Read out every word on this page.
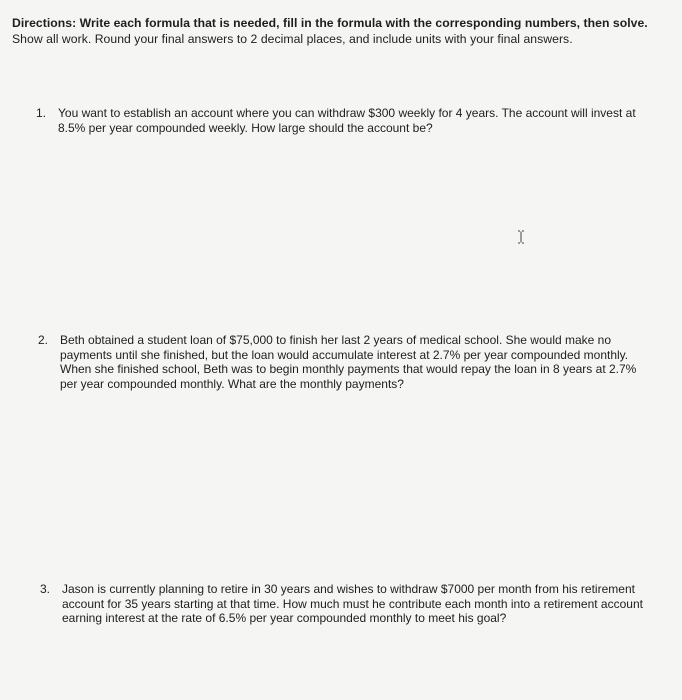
Directions: Write each formula that is needed, fill in the formula with the corresponding numbers, then solve. Show all work. Round your final answers to 2 decimal places, and include units with your final answers.
1. You want to establish an account where you can withdraw $300 weekly for 4 years. The account will invest at 8.5% per year compounded weekly. How large should the account be?
2. Beth obtained a student loan of $75,000 to finish her last 2 years of medical school. She would make no payments until she finished, but the loan would accumulate interest at 2.7% per year compounded monthly. When she finished school, Beth was to begin monthly payments that would repay the loan in 8 years at 2.7% per year compounded monthly. What are the monthly payments?
3. Jason is currently planning to retire in 30 years and wishes to withdraw $7000 per month from his retirement account for 35 years starting at that time. How much must he contribute each month into a retirement account earning interest at the rate of 6.5% per year compounded monthly to meet his goal?
